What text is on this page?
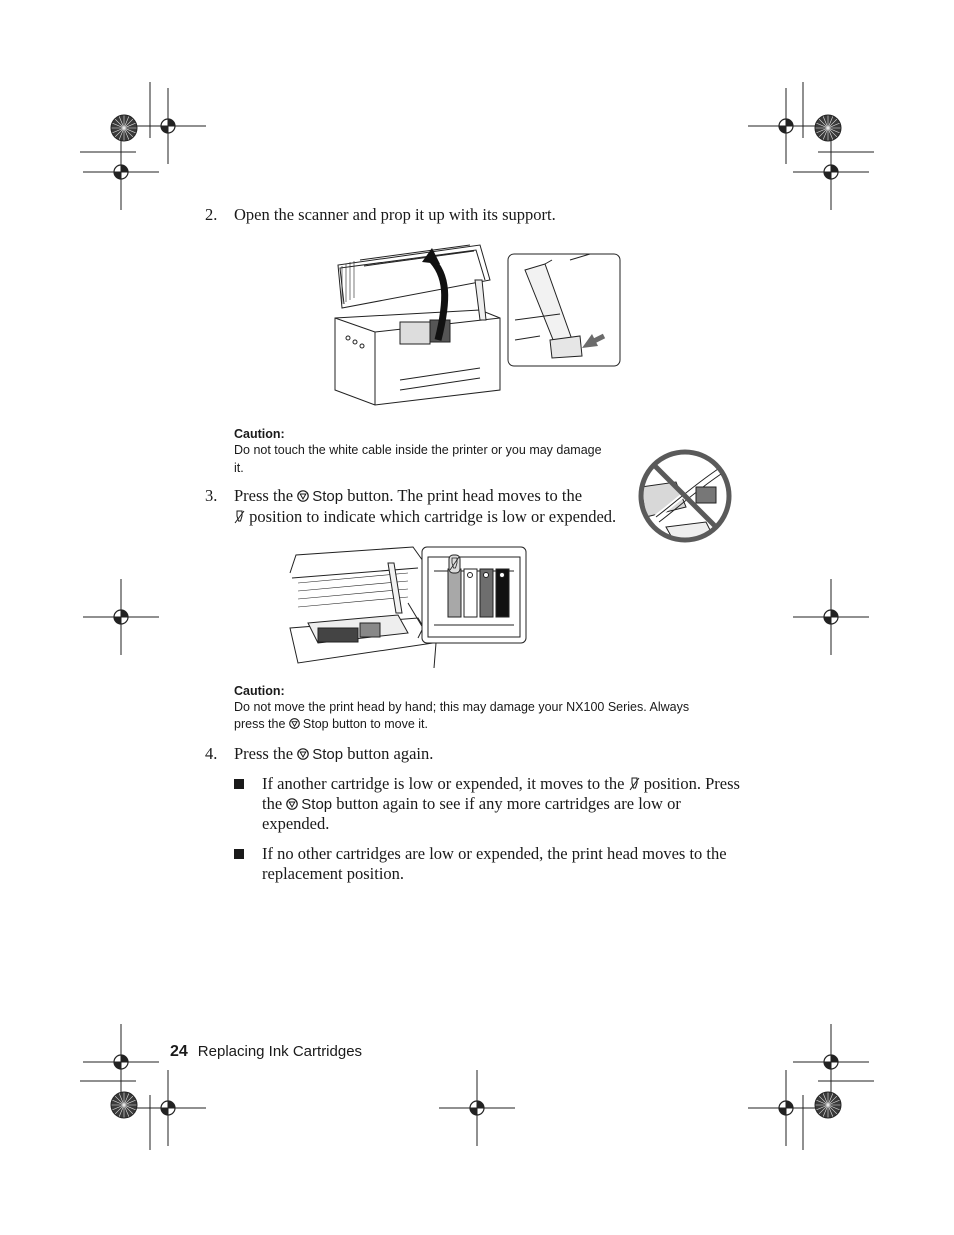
2. Open the scanner and prop it up with its support.
Caution:
Do not touch the white cable inside the printer or you may damage it.
3. Press the Stop button. The print head moves to the
position to indicate which cartridge is low or expended.
Caution:
Do not move the print head by hand; this may damage your NX100 Series. Always
press the Stop button to move it.
4. Press the Stop button again.
If another cartridge is low or expended, it moves to the position. Press
the Stop button again to see if any more cartridges are low or
expended.
If no other cartridges are low or expended, the print head moves to the
replacement position.
24 Replacing Ink Cartridges
